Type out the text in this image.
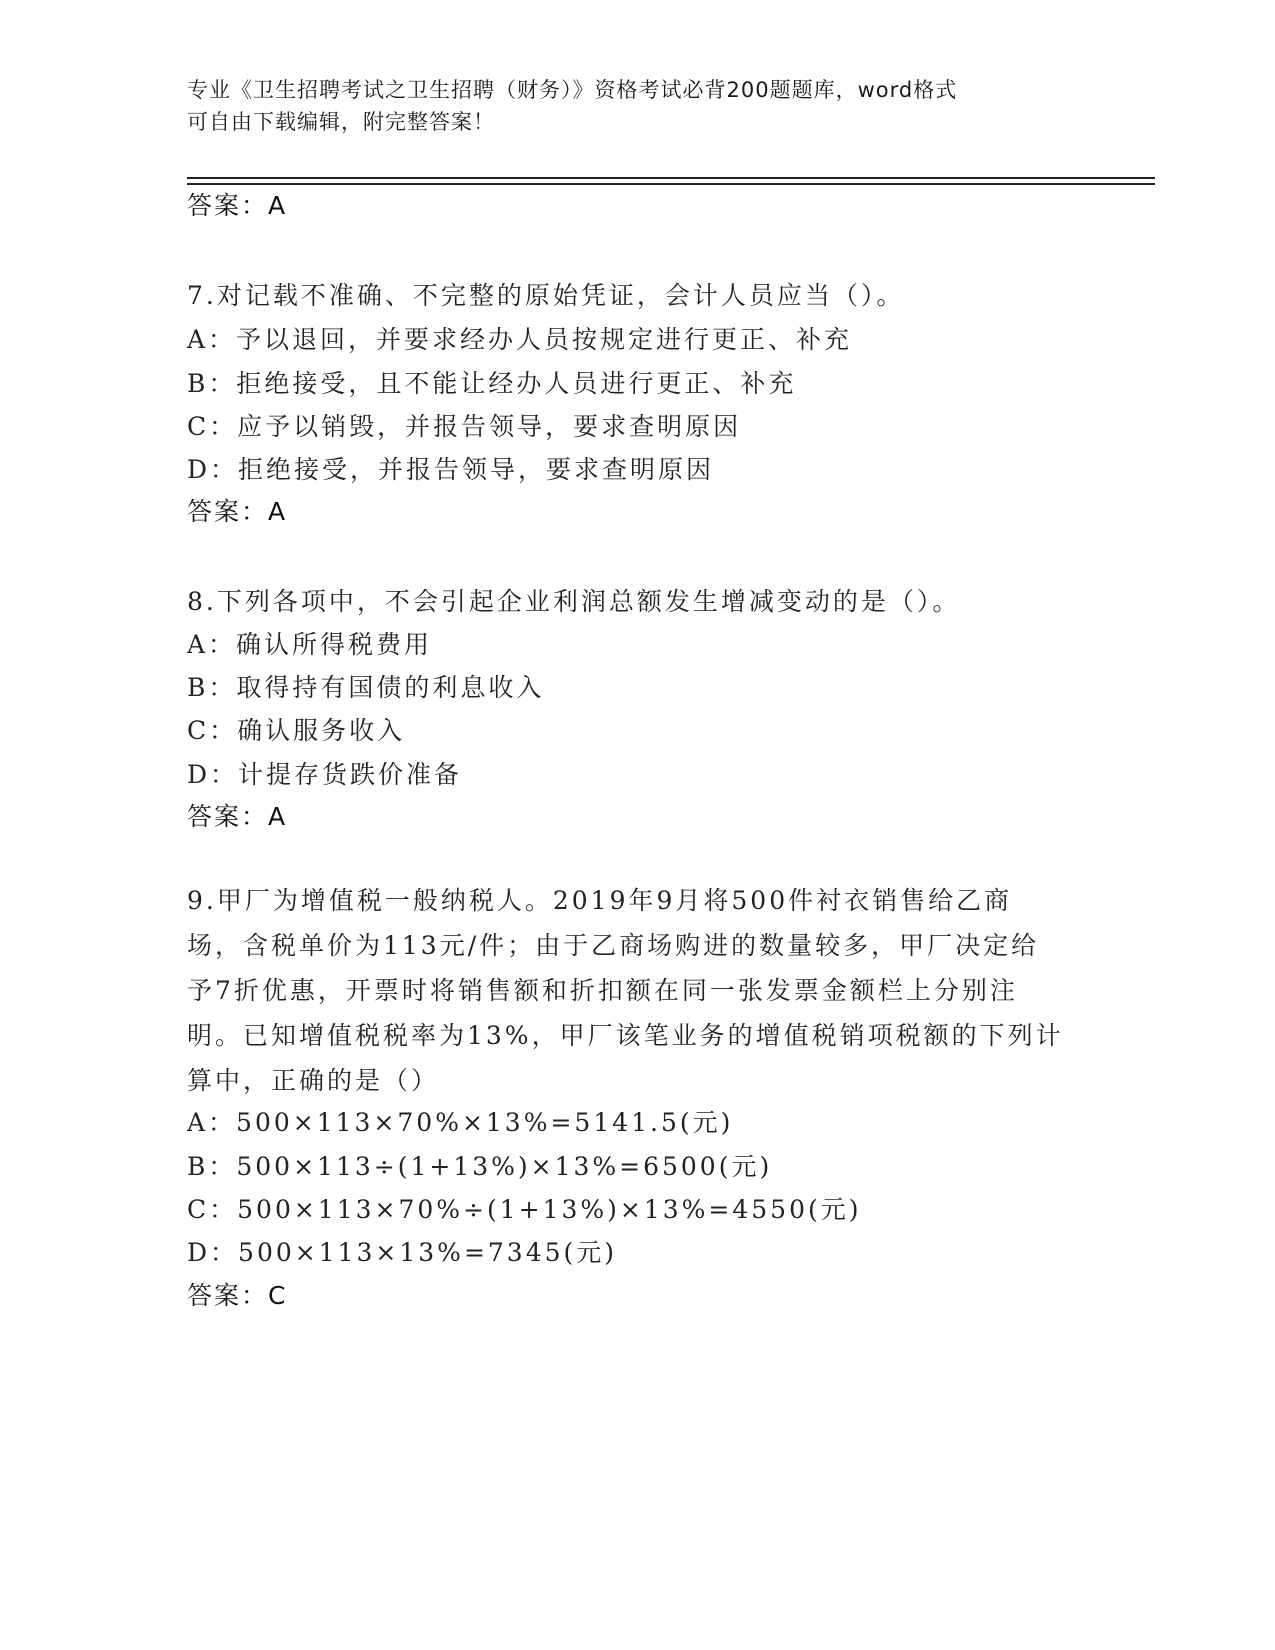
专业《卫生招聘考试之卫生招聘（财务）》资格考试必背200题题库，word格式
可自由下载编辑，附完整答案！
答案：A
7.对记载不准确、不完整的原始凭证，会计人员应当（）。
A：予以退回，并要求经办人员按规定进行更正、补充
B：拒绝接受，且不能让经办人员进行更正、补充
C：应予以销毁，并报告领导，要求查明原因
D：拒绝接受，并报告领导，要求查明原因
答案：A
8.下列各项中，不会引起企业利润总额发生增减变动的是（）。
A：确认所得税费用
B：取得持有国债的利息收入
C：确认服务收入
D：计提存货跌价准备
答案：A
9.甲厂为增值税一般纳税人。2019年9月将500件衬衣销售给乙商场，含税单价为113元/件；由于乙商场购进的数量较多，甲厂决定给予7折优惠，开票时将销售额和折扣额在同一张发票金额栏上分别注明。已知增值税税率为13%，甲厂该笔业务的增值税销项税额的下列计算中，正确的是（）
A：500×113×70%×13%=5141.5(元)
B：500×113÷(1+13%)×13%=6500(元)
C：500×113×70%÷(1+13%)×13%=4550(元)
D：500×113×13%=7345(元)
答案：C
